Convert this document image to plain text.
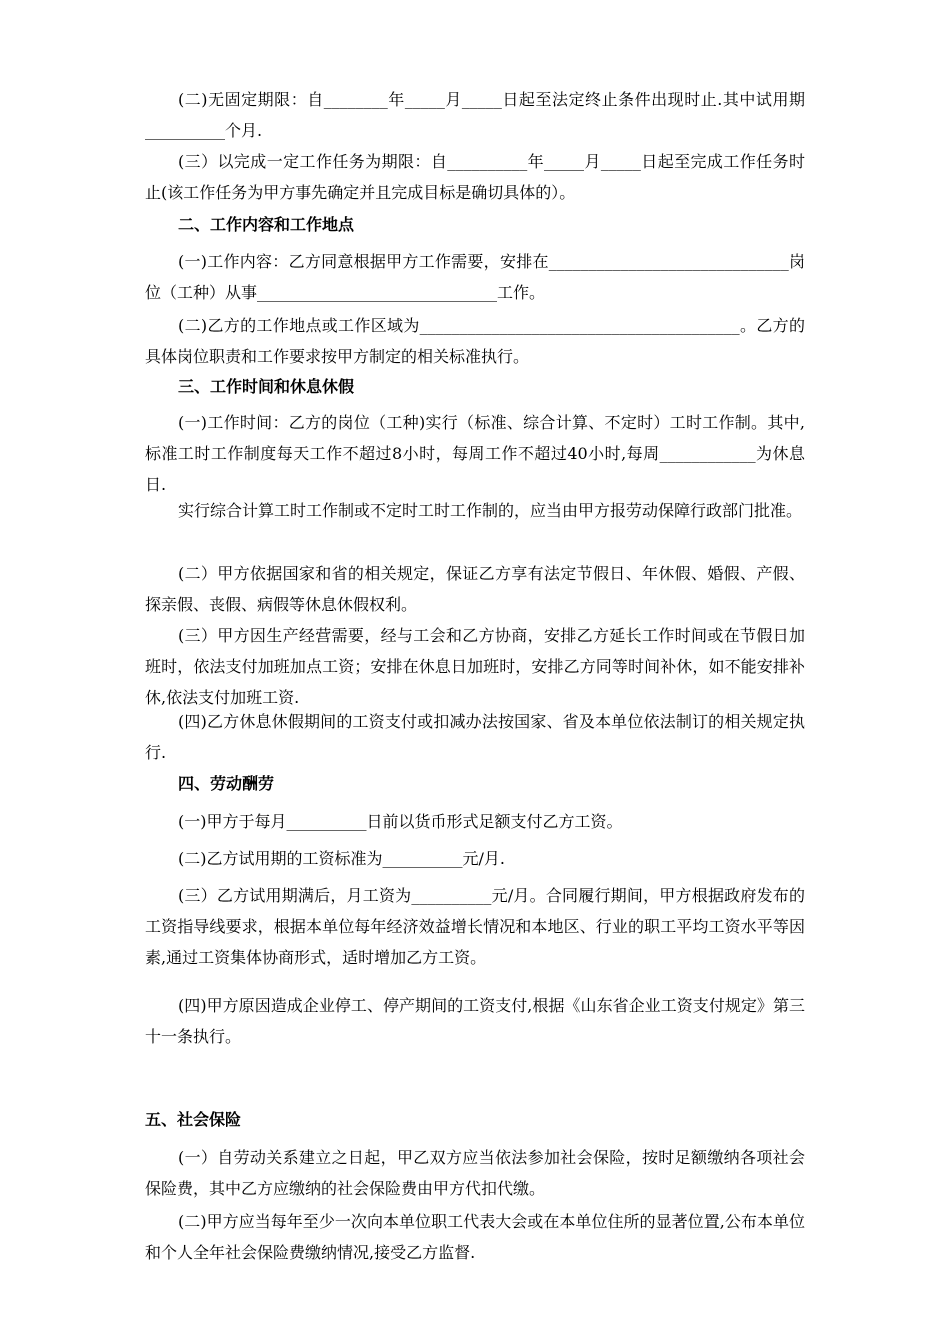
(二)无固定期限：自________年_____月_____日起至法定终止条件出现时止.其中试用期__________个月.

(三）以完成一定工作任务为期限：自__________年_____月_____日起至完成工作任务时止(该工作任务为甲方事先确定并且完成目标是确切具体的）。

二、工作内容和工作地点

(一)工作内容：乙方同意根据甲方工作需要，安排在______________________________岗位（工种）从事______________________________工作。

(二)乙方的工作地点或工作区域为________________________________________。乙方的具体岗位职责和工作要求按甲方制定的相关标准执行。

三、工作时间和休息休假

(一)工作时间：乙方的岗位（工种)实行（标准、综合计算、不定时）工时工作制。其中,标准工时工作制度每天工作不超过8小时，每周工作不超过40小时,每周____________为休息日.

实行综合计算工时工作制或不定时工时工作制的，应当由甲方报劳动保障行政部门批准。

(二）甲方依据国家和省的相关规定，保证乙方享有法定节假日、年休假、婚假、产假、探亲假、丧假、病假等休息休假权利。

(三）甲方因生产经营需要，经与工会和乙方协商，安排乙方延长工作时间或在节假日加班时，依法支付加班加点工资；安排在休息日加班时，安排乙方同等时间补休，如不能安排补休,依法支付加班工资.

(四)乙方休息休假期间的工资支付或扣减办法按国家、省及本单位依法制订的相关规定执行.

四、劳动酬劳

(一)甲方于每月__________日前以货币形式足额支付乙方工资。

(二)乙方试用期的工资标准为__________元/月.

(三）乙方试用期满后，月工资为__________元/月。合同履行期间，甲方根据政府发布的工资指导线要求，根据本单位每年经济效益增长情况和本地区、行业的职工平均工资水平等因素,通过工资集体协商形式，适时增加乙方工资。

(四)甲方原因造成企业停工、停产期间的工资支付,根据《山东省企业工资支付规定》第三十一条执行。

五、社会保险

(一）自劳动关系建立之日起，甲乙双方应当依法参加社会保险，按时足额缴纳各项社会保险费，其中乙方应缴纳的社会保险费由甲方代扣代缴。

(二)甲方应当每年至少一次向本单位职工代表大会或在本单位住所的显著位置,公布本单位和个人全年社会保险费缴纳情况,接受乙方监督.
